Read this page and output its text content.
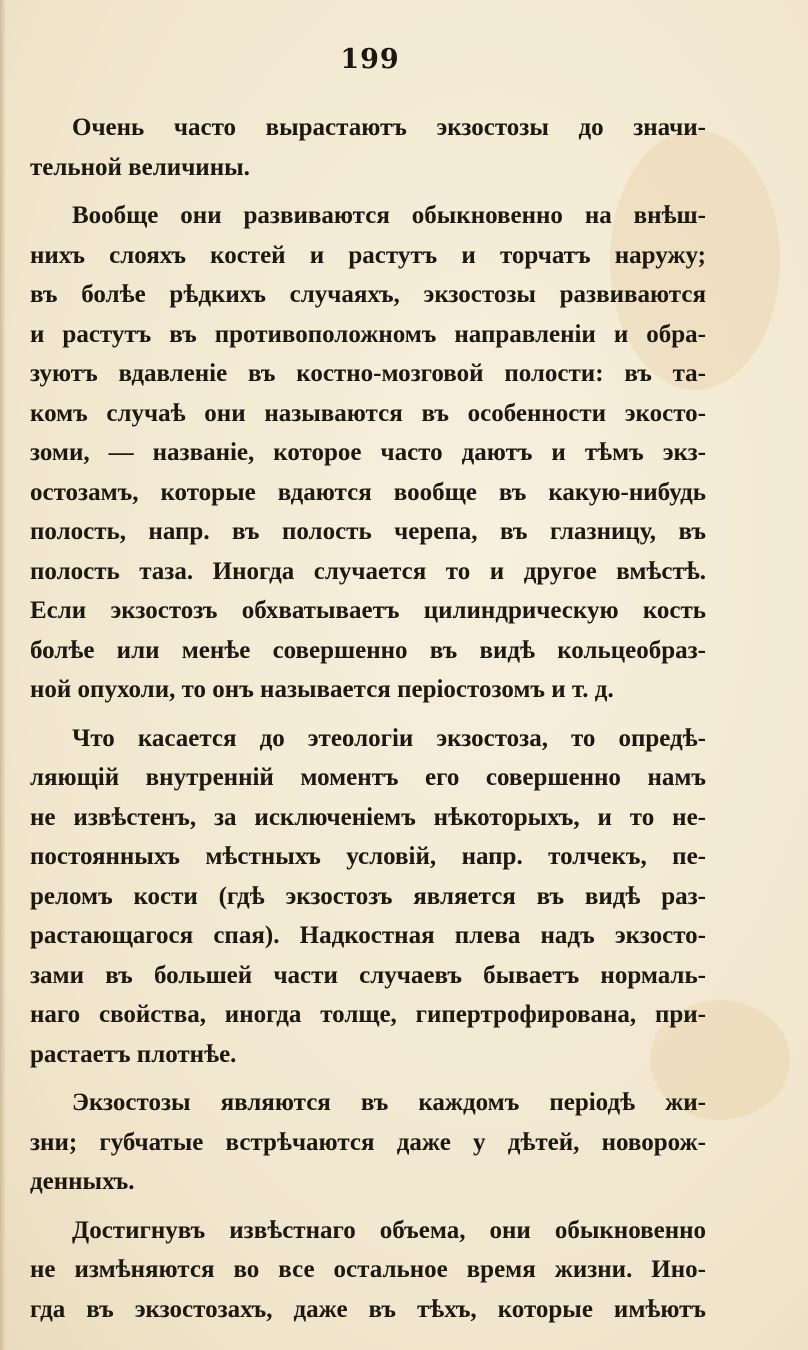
199
Очень часто вырастаютъ экзостозы до значи-
тельной величины.
Вообще они развиваются обыкновенно на внѣш-
нихъ слояхъ костей и растутъ и торчатъ наружу;
въ болѣе рѣдкихъ случаяхъ, экзостозы развиваются
и растутъ въ противоположномъ направленіи и обра-
зуютъ вдавленіе въ костно-мозговой полости: въ та-
комъ случаѣ они называются въ особенности экосто-
зоми, — названіе, которое часто даютъ и тѣмъ экз-
остозамъ, которые вдаются вообще въ какую-нибудь
полость, напр. въ полость черепа, въ глазницу, въ
полость таза. Иногда случается то и другое вмѣстѣ.
Если экзостозъ обхватываетъ цилиндрическую кость
болѣе или менѣе совершенно въ видѣ кольцеобраз-
ной опухоли, то онъ называется періостозомъ и т. д.
Что касается до этеологіи экзостоза, то опредѣ-
ляющій внутренній моментъ его совершенно намъ
не извѣстенъ, за исключеніемъ нѣкоторыхъ, и то не-
постоянныхъ мѣстныхъ условій, напр. толчекъ, пе-
реломъ кости (гдѣ экзостозъ является въ видѣ раз-
растающагося спая). Надкостная плева надъ экзосто-
зами въ большей части случаевъ бываетъ нормаль-
наго свойства, иногда толще, гипертрофирована, при-
растаетъ плотнѣе.
Экзостозы являются въ каждомъ періодѣ жи-
зни; губчатые встрѣчаются даже у дѣтей, новорож-
денныхъ.
Достигнувъ извѣстнаго объема, они обыкновенно
не измѣняются во все остальное время жизни. Ино-
гда въ экзостозахъ, даже въ тѣхъ, которые имѣютъ
